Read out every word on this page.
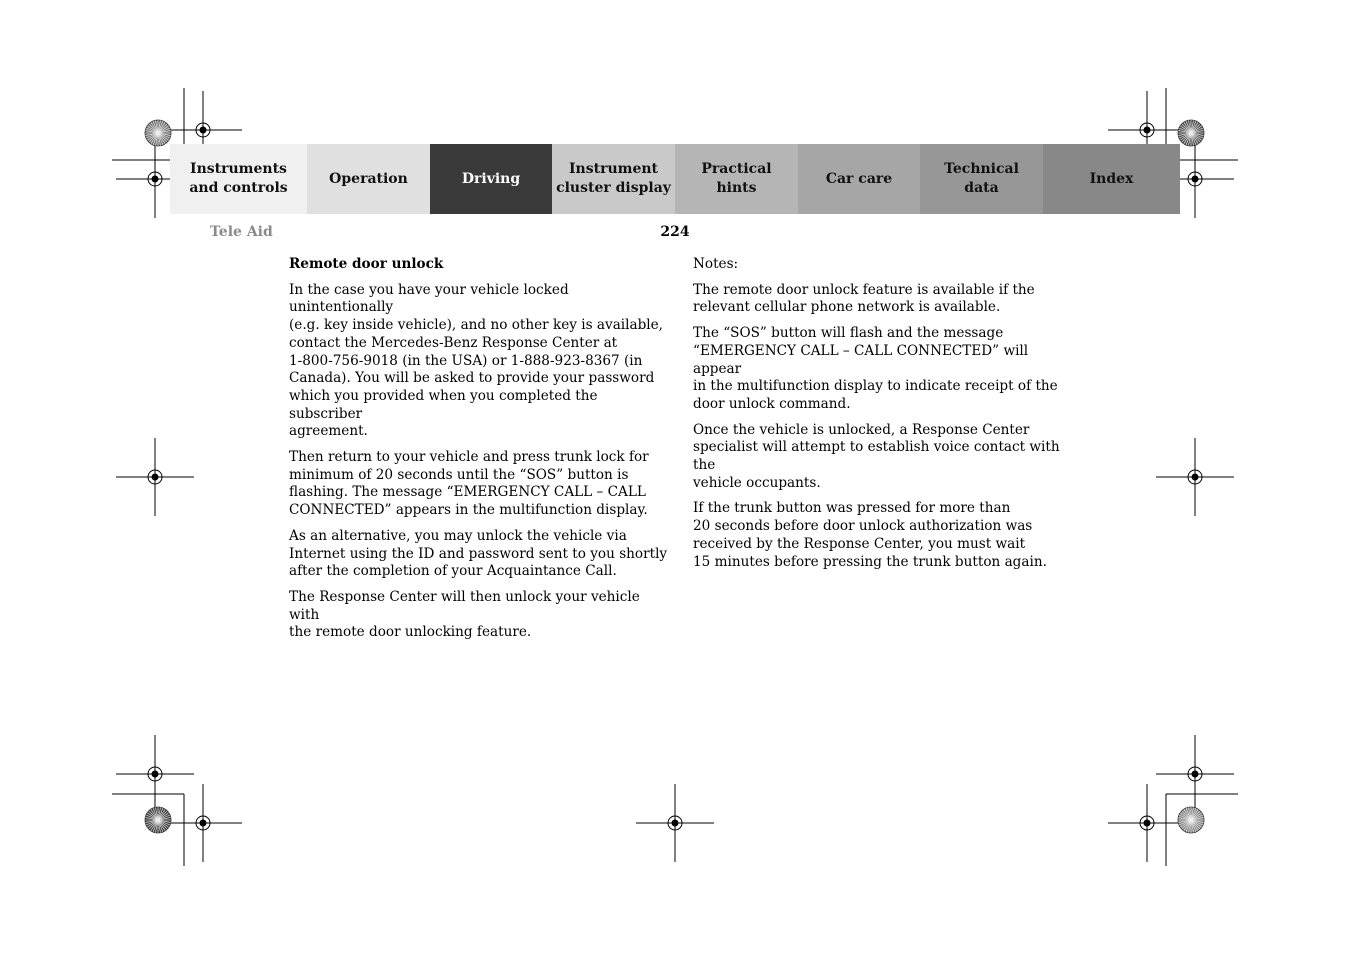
Instruments
and controls
Operation	Driving
Instrument
cluster display
Practical hints
Car care
Technical
data
Index
Tele Aid	224

Remote door unlock

In the case you have your vehicle locked unintentionally
(e.g. key inside vehicle), and no other key is available,
contact the Mercedes-Benz Response Center at
1-800-756-9018 (in the USA) or 1-888-923-8367 (in
Canada). You will be asked to provide your password
which you provided when you completed the subscriber
agreement.

Then return to your vehicle and press trunk lock for
minimum of 20 seconds until the “SOS” button is
flashing. The message “EMERGENCY CALL – CALL
CONNECTED” appears in the multifunction display.

As an alternative, you may unlock the vehicle via
Internet using the ID and password sent to you shortly
after the completion of your Acquaintance Call.

The Response Center will then unlock your vehicle with
the remote door unlocking feature.

Notes:

The remote door unlock feature is available if the
relevant cellular phone network is available.

The “SOS” button will flash and the message
“EMERGENCY CALL – CALL CONNECTED” will appear
in the multifunction display to indicate receipt of the
door unlock command.

Once the vehicle is unlocked, a Response Center
specialist will attempt to establish voice contact with the
vehicle occupants.

If the trunk button was pressed for more than
20 seconds before door unlock authorization was
received by the Response Center, you must wait
15 minutes before pressing the trunk button again.
